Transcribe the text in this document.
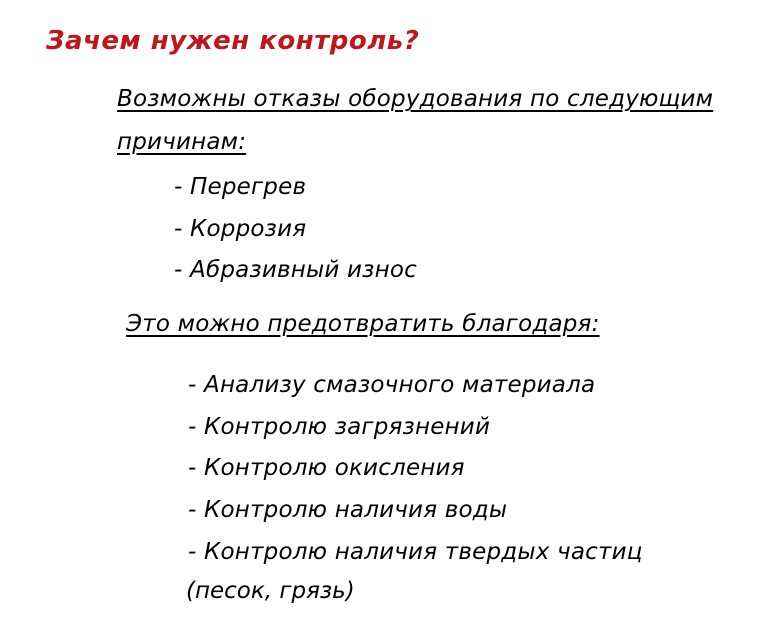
Зачем нужен контроль?
Возможны отказы оборудования по следующим
причинам:
- Перегрев
- Коррозия
- Абразивный износ
Это можно предотвратить благодаря:
- Анализу смазочного материала
- Контролю загрязнений
- Контролю окисления
- Контролю наличия воды
- Контролю наличия твердых частиц
(песок, грязь)
